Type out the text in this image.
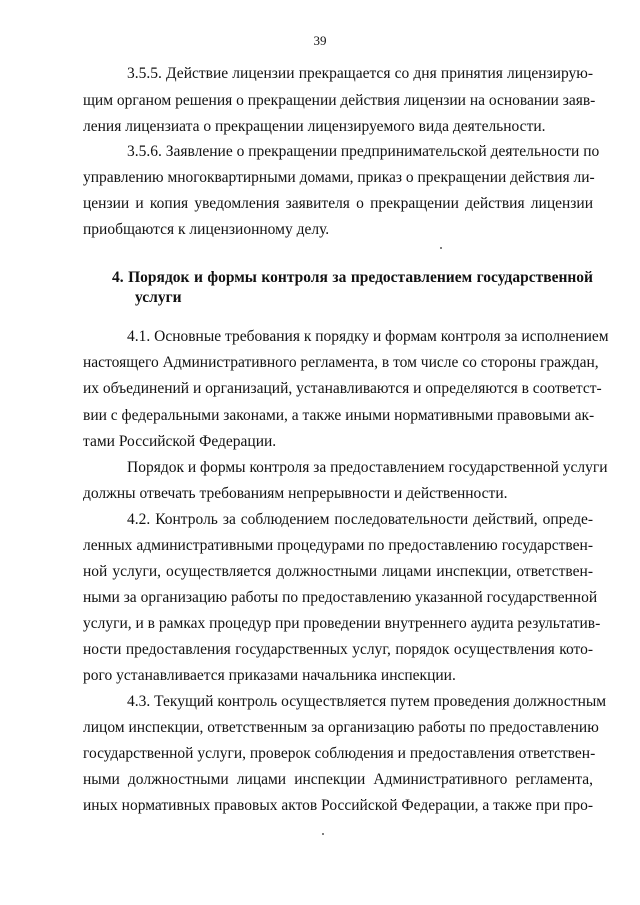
39
3.5.5. Действие лицензии прекращается со дня принятия лицензирую-
щим органом решения о прекращении действия лицензии на основании заяв-
ления лицензиата о прекращении лицензируемого вида деятельности.
3.5.6. Заявление о прекращении предпринимательской деятельности по
управлению многоквартирными домами, приказ о прекращении действия ли-
цензии и копия уведомления заявителя о прекращении действия лицензии
приобщаются к лицензионному делу.
4. Порядок и формы контроля за предоставлением государственной
услуги
4.1. Основные требования к порядку и формам контроля за исполнением
настоящего Административного регламента, в том числе со стороны граждан,
их объединений и организаций, устанавливаются и определяются в соответст-
вии с федеральными законами, а также иными нормативными правовыми ак-
тами Российской Федерации.
Порядок и формы контроля за предоставлением государственной услуги
должны отвечать требованиям непрерывности и действенности.
4.2. Контроль за соблюдением последовательности действий, опреде-
ленных административными процедурами по предоставлению государствен-
ной услуги, осуществляется должностными лицами инспекции, ответствен-
ными за организацию работы по предоставлению указанной государственной
услуги, и в рамках процедур при проведении внутреннего аудита результатив-
ности предоставления государственных услуг, порядок осуществления кото-
рого устанавливается приказами начальника инспекции.
4.3. Текущий контроль осуществляется путем проведения должностным
лицом инспекции, ответственным за организацию работы по предоставлению
государственной услуги, проверок соблюдения и предоставления ответствен-
ными должностными лицами инспекции Административного регламента,
иных нормативных правовых актов Российской Федерации, а также при про-
